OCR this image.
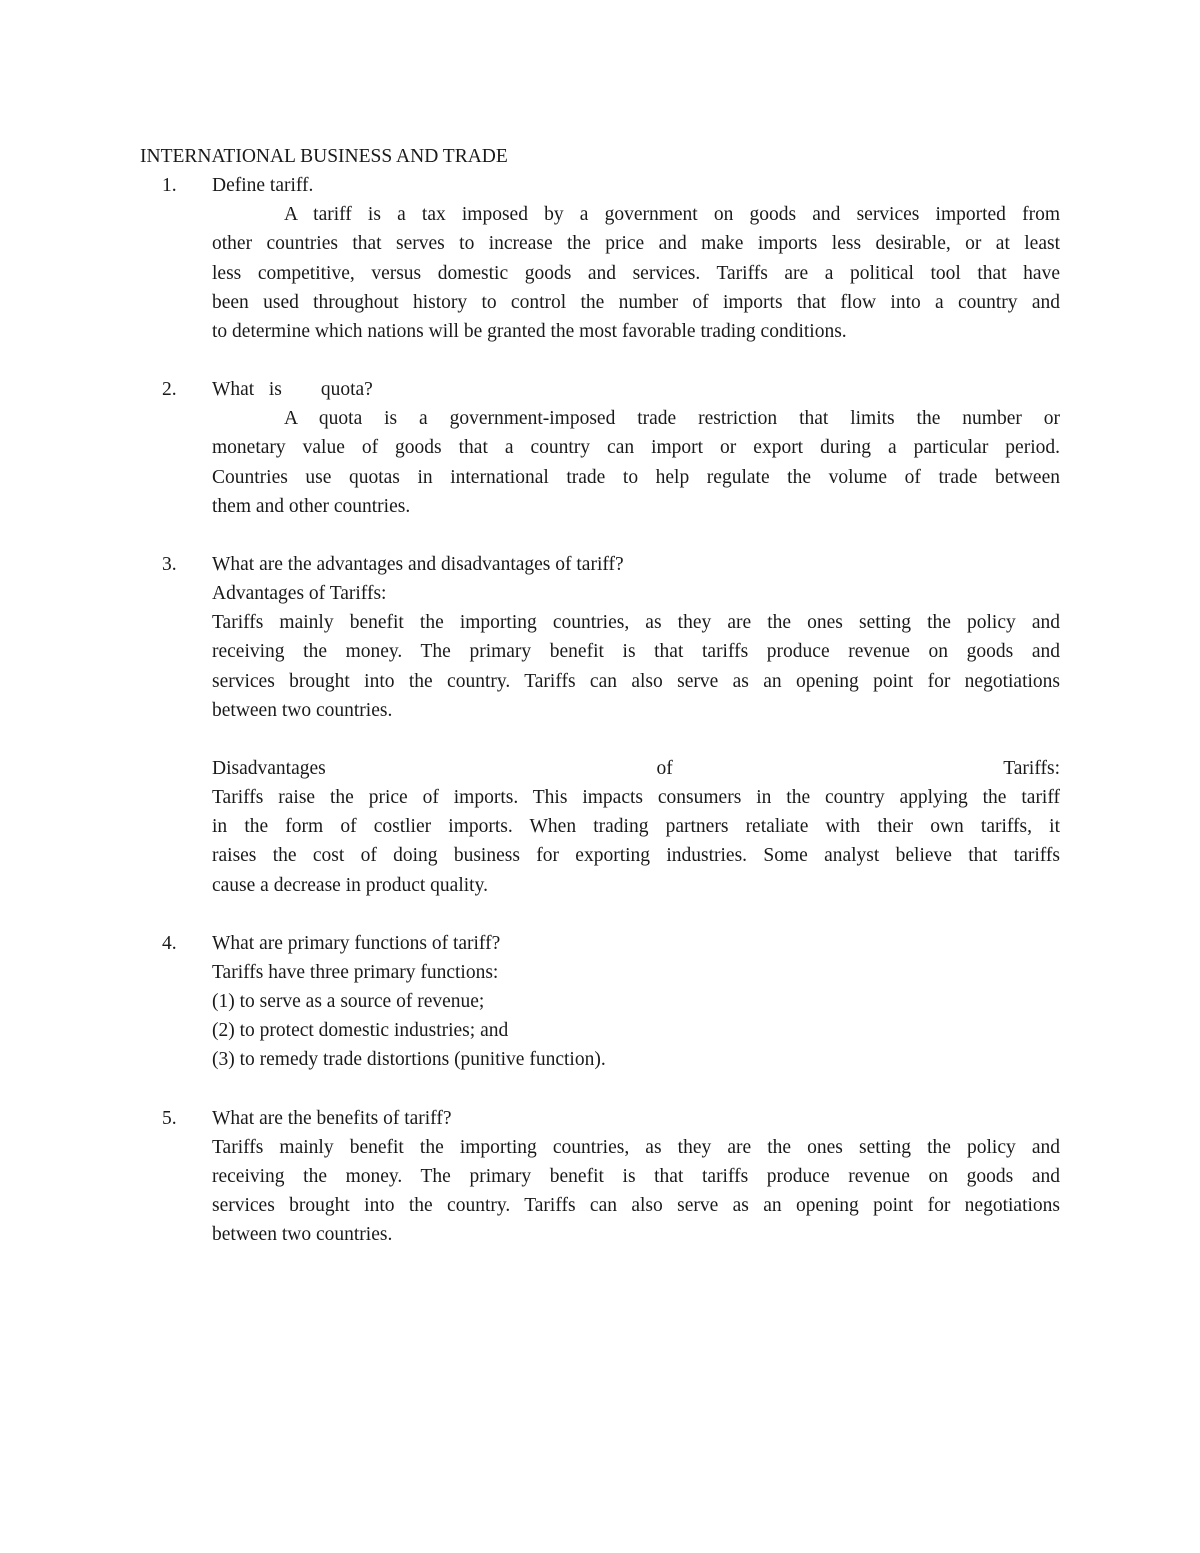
INTERNATIONAL BUSINESS AND TRADE
1. Define tariff.
A tariff is a tax imposed by a government on goods and services imported from
other countries that serves to increase the price and make imports less desirable, or at least
less competitive, versus domestic goods and services. Tariffs are a political tool that have
been used throughout history to control the number of imports that flow into a country and
to determine which nations will be granted the most favorable trading conditions.
2. What   is        quota?
A quota is a government-imposed trade restriction that limits the number or
monetary value of goods that a country can import or export during a particular period.
Countries use quotas in international trade to help regulate the volume of trade between
them and other countries.
3. What are the advantages and disadvantages of tariff?
Advantages of Tariffs:
Tariffs mainly benefit the importing countries, as they are the ones setting the policy and
receiving the money. The primary benefit is that tariffs produce revenue on goods and
services brought into the country. Tariffs can also serve as an opening point for negotiations
between two countries.
Disadvantages of Tariffs:
Tariffs raise the price of imports. This impacts consumers in the country applying the tariff
in the form of costlier imports. When trading partners retaliate with their own tariffs, it
raises the cost of doing business for exporting industries. Some analyst believe that tariffs
cause a decrease in product quality.
4. What are primary functions of tariff?
Tariffs have three primary functions:
(1) to serve as a source of revenue;
(2) to protect domestic industries; and
(3) to remedy trade distortions (punitive function).
5. What are the benefits of tariff?
Tariffs mainly benefit the importing countries, as they are the ones setting the policy and
receiving the money. The primary benefit is that tariffs produce revenue on goods and
services brought into the country. Tariffs can also serve as an opening point for negotiations
between two countries.
